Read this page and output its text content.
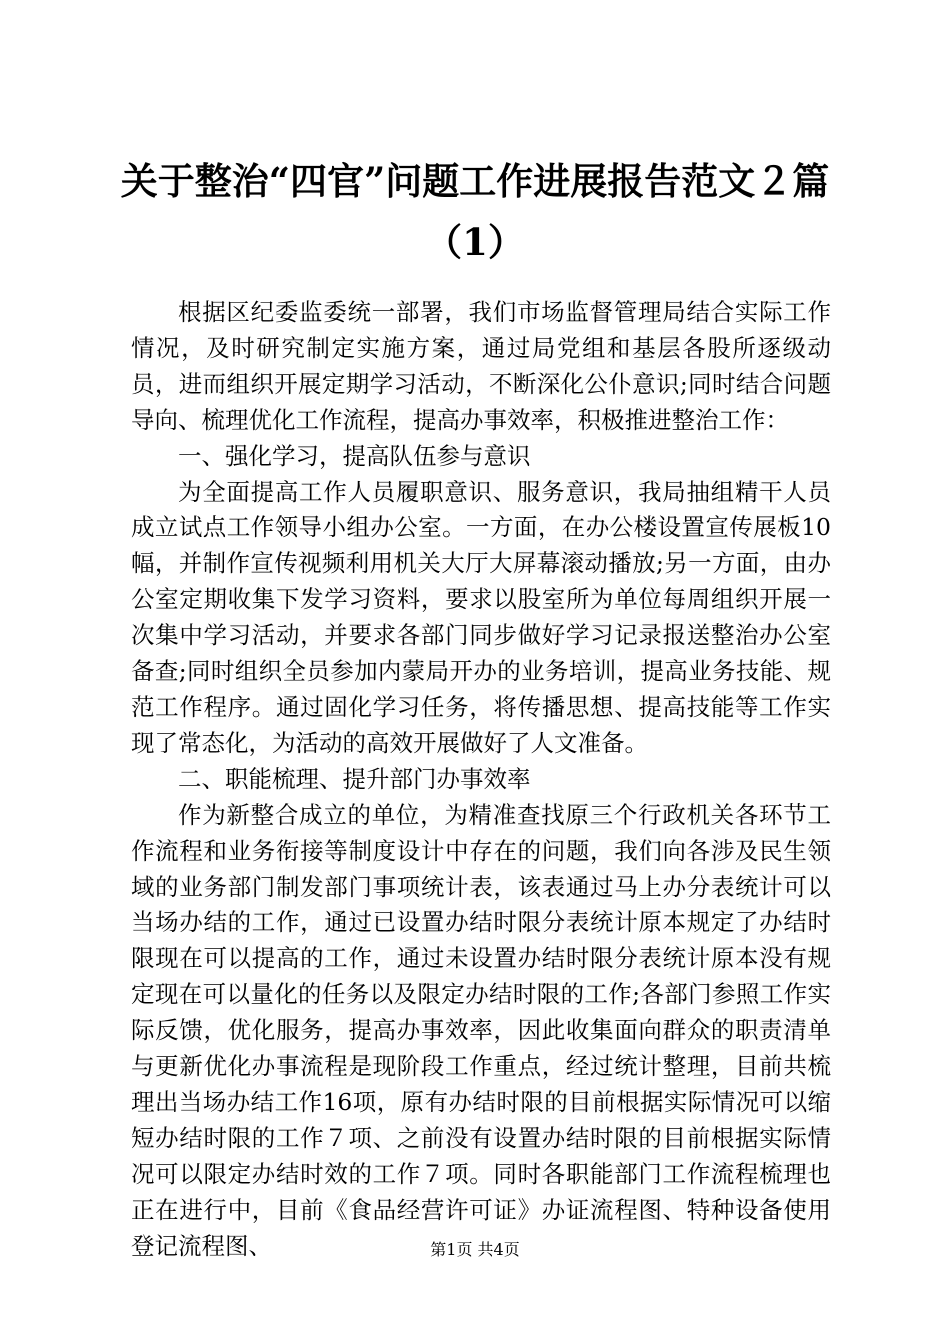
关于整治“四官”问题工作进展报告范文２篇
（1）

根据区纪委监委统一部署，我们市场监督管理局结合实际工作情况，及时研究制定实施方案，通过局党组和基层各股所逐级动员，进而组织开展定期学习活动，不断深化公仆意识;同时结合问题导向、梳理优化工作流程，提高办事效率，积极推进整治工作：

一、强化学习，提高队伍参与意识

为全面提高工作人员履职意识、服务意识，我局抽组精干人员成立试点工作领导小组办公室。一方面，在办公楼设置宣传展板10幅，并制作宣传视频利用机关大厅大屏幕滚动播放;另一方面，由办公室定期收集下发学习资料，要求以股室所为单位每周组织开展一次集中学习活动，并要求各部门同步做好学习记录报送整治办公室备查;同时组织全员参加内蒙局开办的业务培训，提高业务技能、规范工作程序。通过固化学习任务，将传播思想、提高技能等工作实现了常态化，为活动的高效开展做好了人文准备。

二、职能梳理、提升部门办事效率

作为新整合成立的单位，为精准查找原三个行政机关各环节工作流程和业务衔接等制度设计中存在的问题，我们向各涉及民生领域的业务部门制发部门事项统计表，该表通过马上办分表统计可以当场办结的工作，通过已设置办结时限分表统计原本规定了办结时限现在可以提高的工作，通过未设置办结时限分表统计原本没有规定现在可以量化的任务以及限定办结时限的工作;各部门参照工作实际反馈，优化服务，提高办事效率，因此收集面向群众的职责清单与更新优化办事流程是现阶段工作重点，经过统计整理，目前共梳理出当场办结工作16项，原有办结时限的目前根据实际情况可以缩短办结时限的工作７项、之前没有设置办结时限的目前根据实际情况可以限定办结时效的工作７项。同时各职能部门工作流程梳理也正在进行中，目前《食品经营许可证》办证流程图、特种设备使用登记流程图、	第1页 共4页
